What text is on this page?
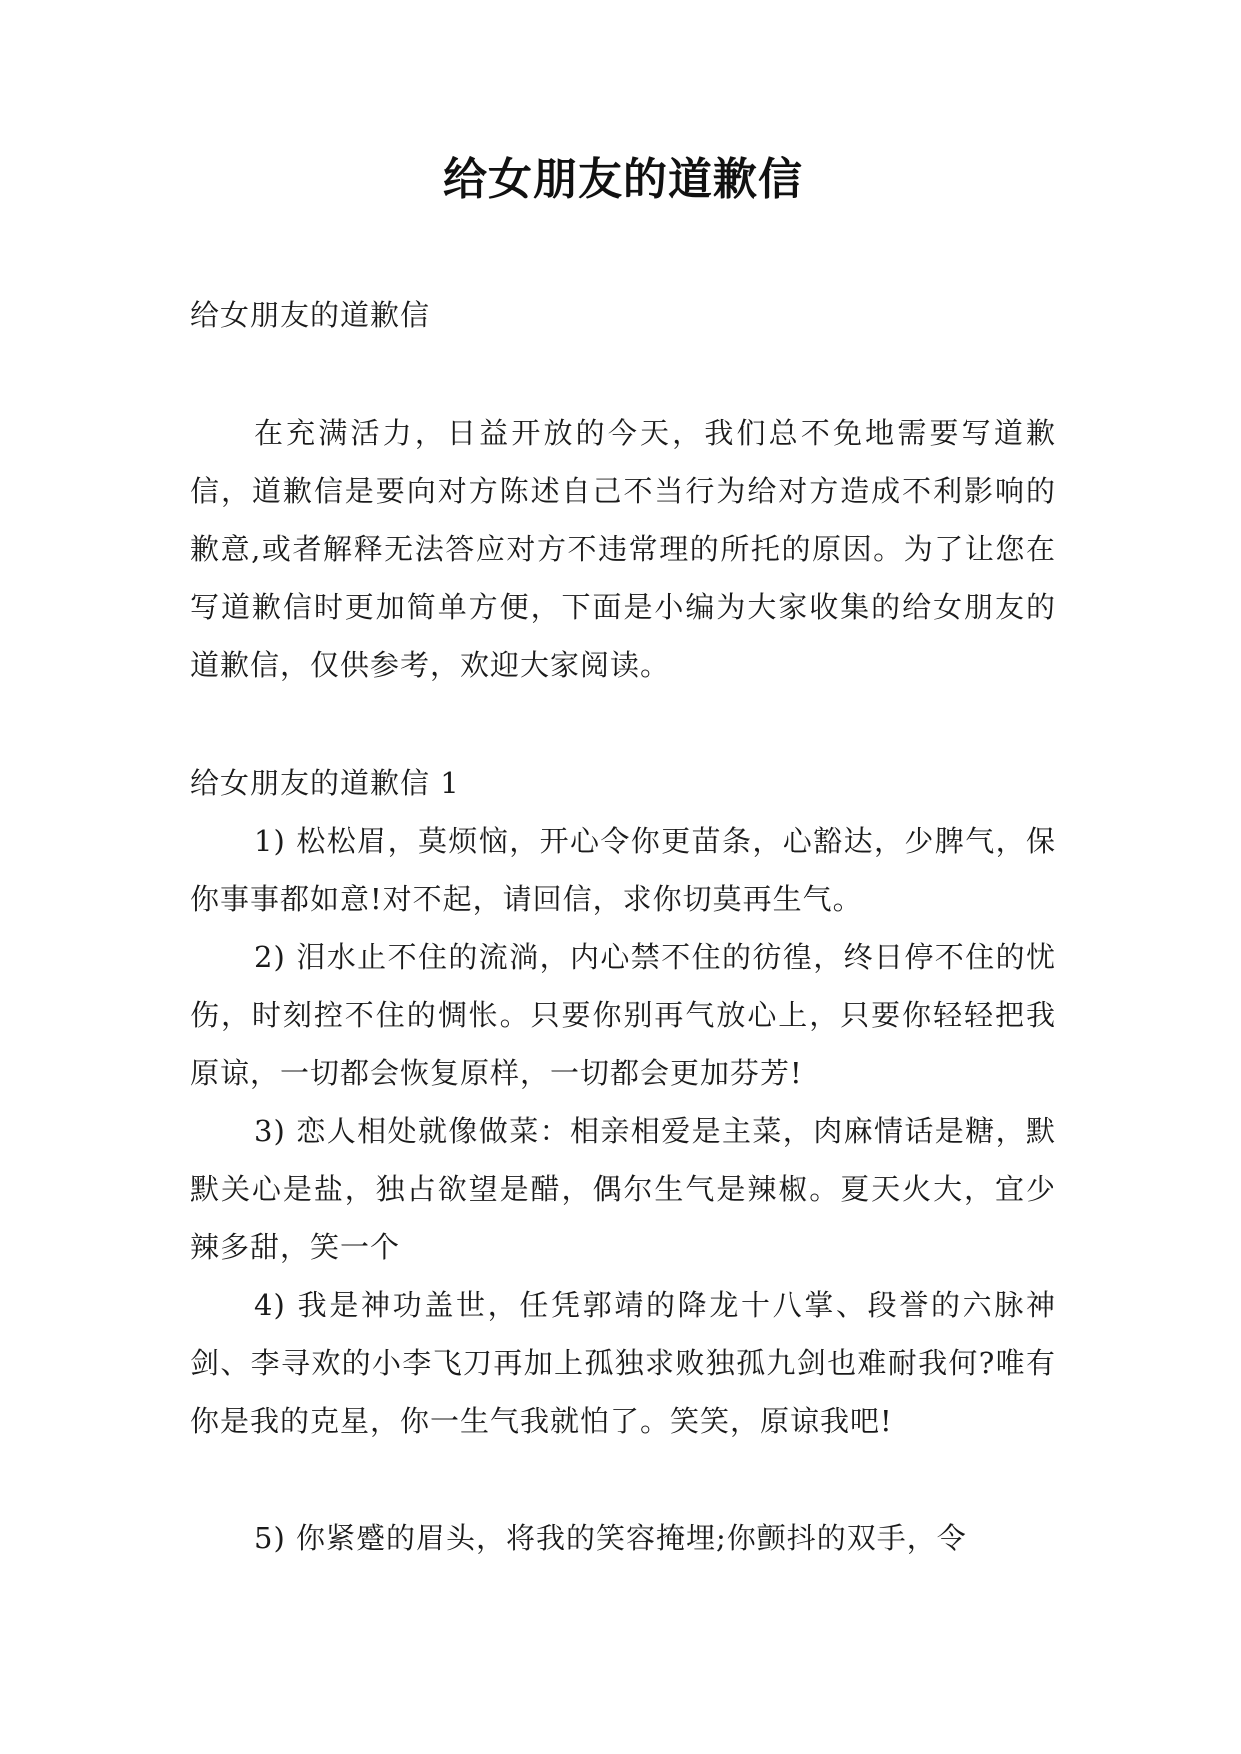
给女朋友的道歉信

给女朋友的道歉信

在充满活力，日益开放的今天，我们总不免地需要写道歉信，道歉信是要向对方陈述自己不当行为给对方造成不利影响的歉意,或者解释无法答应对方不违常理的所托的原因。为了让您在写道歉信时更加简单方便，下面是小编为大家收集的给女朋友的道歉信，仅供参考，欢迎大家阅读。

给女朋友的道歉信 1

1) 松松眉，莫烦恼，开心令你更苗条，心豁达，少脾气，保你事事都如意!对不起，请回信，求你切莫再生气。

2) 泪水止不住的流淌，内心禁不住的彷徨，终日停不住的忧伤，时刻控不住的惆怅。只要你别再气放心上，只要你轻轻把我原谅，一切都会恢复原样，一切都会更加芬芳!

3) 恋人相处就像做菜：相亲相爱是主菜，肉麻情话是糖，默默关心是盐，独占欲望是醋，偶尔生气是辣椒。夏天火大，宜少辣多甜，笑一个

4) 我是神功盖世，任凭郭靖的降龙十八掌、段誉的六脉神剑、李寻欢的小李飞刀再加上孤独求败独孤九剑也难耐我何?唯有你是我的克星，你一生气我就怕了。笑笑，原谅我吧!

5) 你紧蹙的眉头，将我的笑容掩埋;你颤抖的双手，令
